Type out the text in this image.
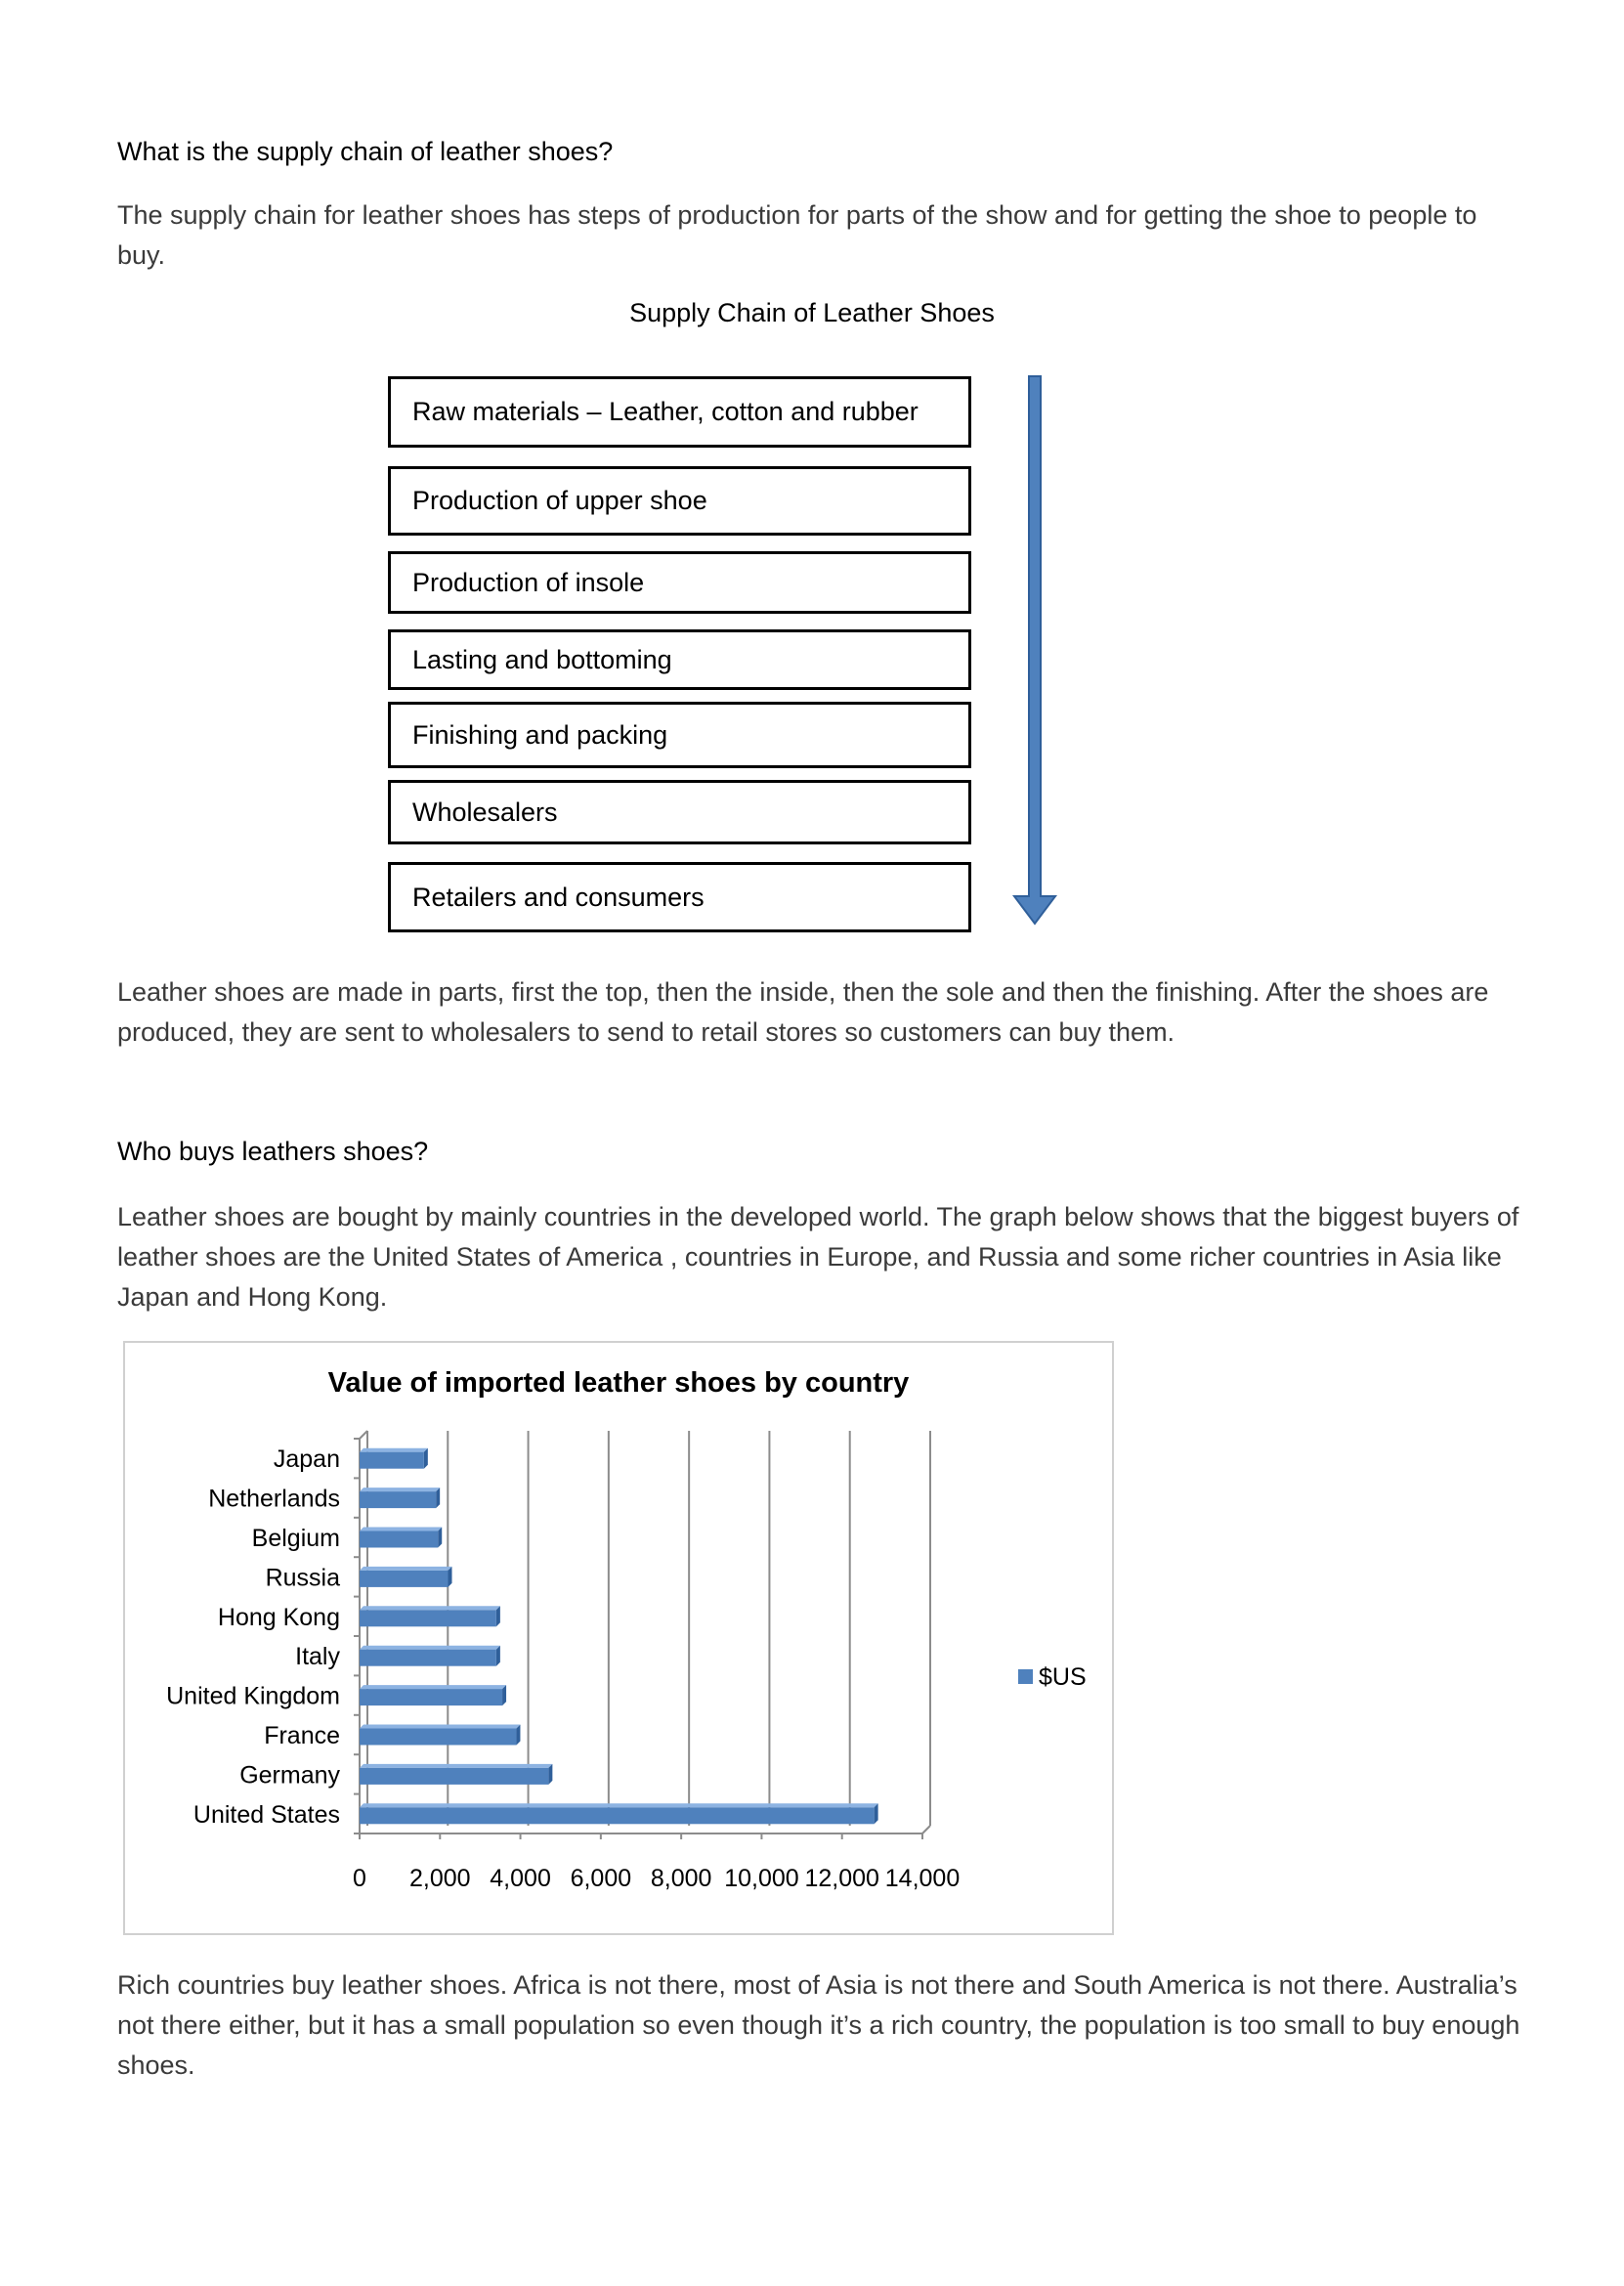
What is the supply chain of leather shoes?

The supply chain for leather shoes has steps of production for parts of the show and for getting the shoe to people to buy.

Supply Chain of Leather Shoes

Raw materials – Leather, cotton and rubber
Production of upper shoe
Production of insole
Lasting and bottoming
Finishing and packing
Wholesalers
Retailers and consumers

Leather shoes are made in parts, first the top, then the inside, then the sole and then the finishing. After the shoes are produced, they are sent to wholesalers to send to retail stores so customers can buy them.

Who buys leathers shoes?

Leather shoes are bought by mainly countries in the developed world. The graph below shows that the biggest buyers of leather shoes are the United States of America , countries in Europe, and Russia and some richer countries in Asia like Japan and Hong Kong.

Value of imported leather shoes by country
Japan
Netherlands
Belgium
Russia
Hong Kong
Italy
United Kingdom
France
Germany
United States
0 2,000 4,000 6,000 8,000 10,000 12,000 14,000
$US

Rich countries buy leather shoes. Africa is not there, most of Asia is not there and South America is not there. Australia’s not there either, but it has a small population so even though it’s a rich country, the population is too small to buy enough shoes.
